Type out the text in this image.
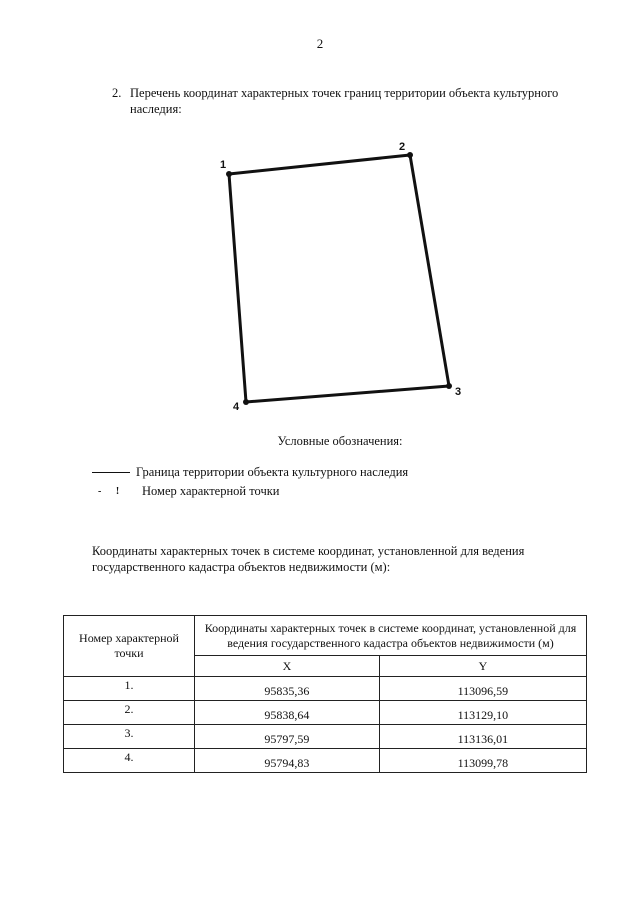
2
2. Перечень координат характерных точек границ территории объекта культурного наследия:
1
2
3
4
Условные обозначения:
Граница территории объекта культурного наследия
- !	Номер характерной точки
Координаты характерных точек в системе координат, установленной для ведения государственного кадастра объектов недвижимости (м):
Номер характерной точки	Координаты характерных точек в системе координат, установленной для ведения государственного кадастра объектов недвижимости (м)	
	X	Y
1.	95835,36	113096,59
2.	95838,64	113129,10
3.	95797,59	113136,01
4.	95794,83	113099,78
